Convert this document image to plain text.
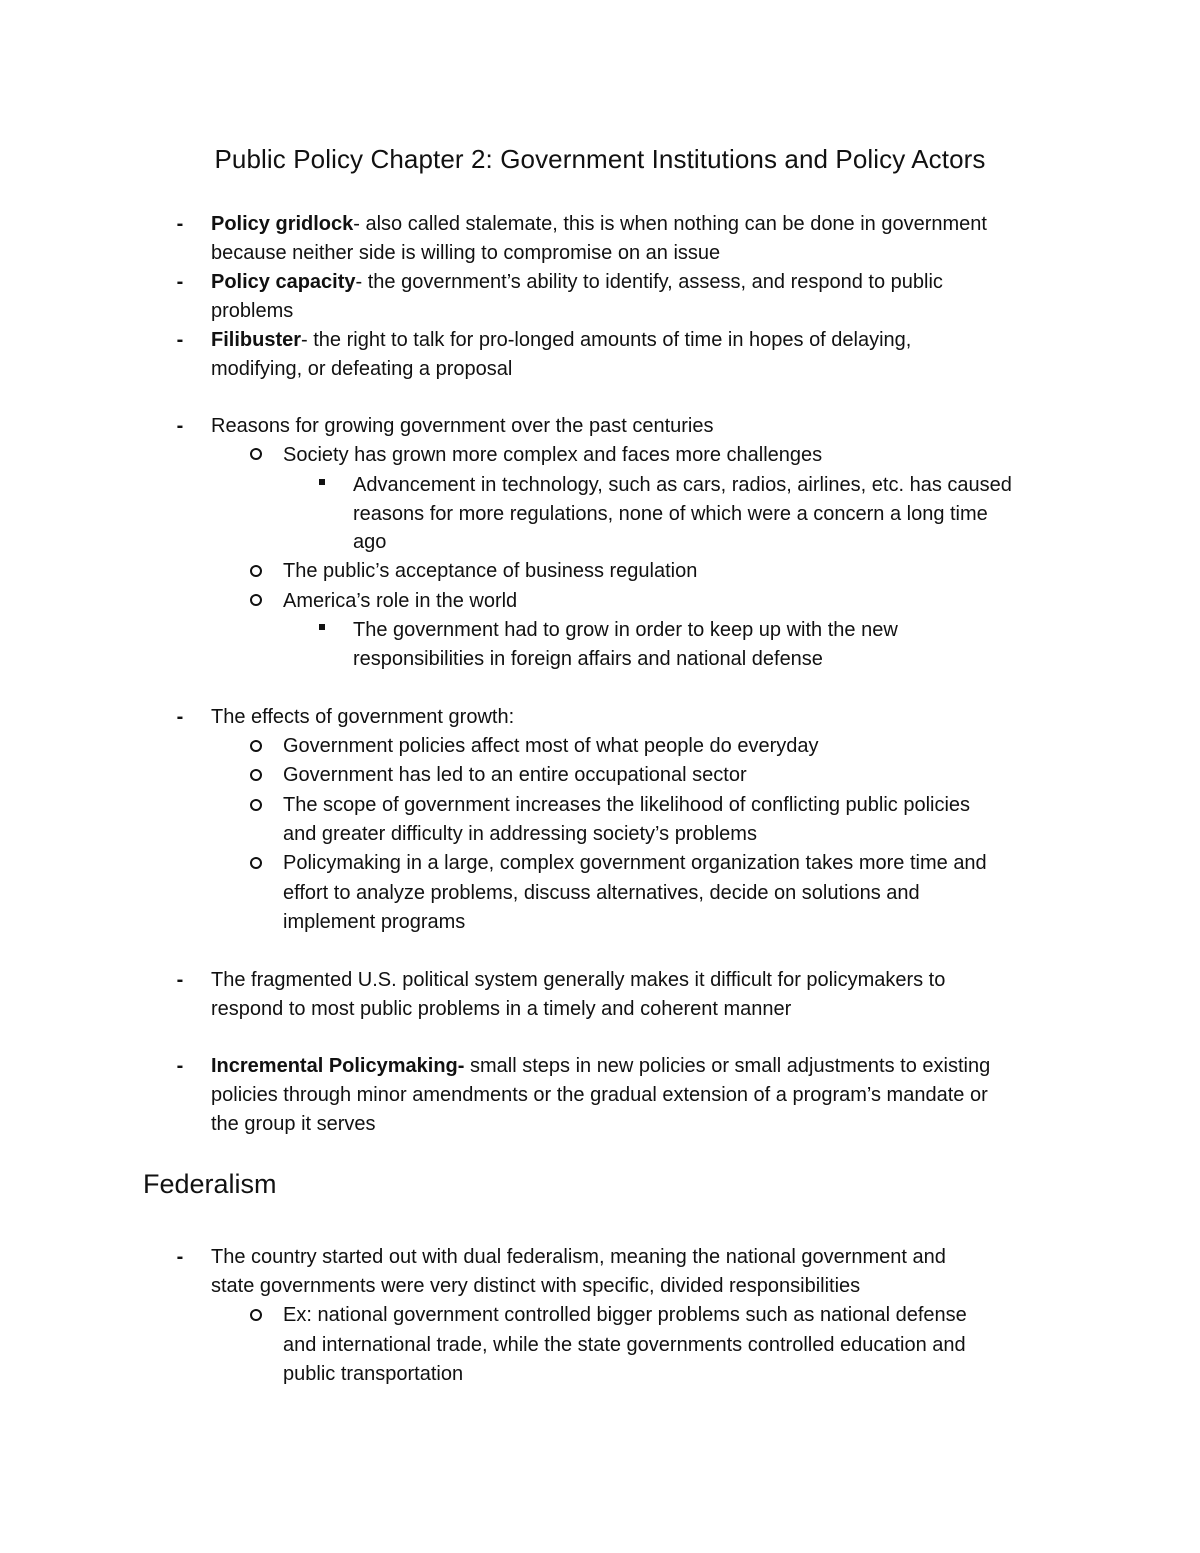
Public Policy Chapter 2: Government Institutions and Policy Actors
-	Policy gridlock- also called stalemate, this is when nothing can be done in government
because neither side is willing to compromise on an issue
-	Policy capacity- the government’s ability to identify, assess, and respond to public
problems
-	Filibuster- the right to talk for pro-longed amounts of time in hopes of delaying,
modifying, or defeating a proposal
-	Reasons for growing government over the past centuries
Society has grown more complex and faces more challenges
Advancement in technology, such as cars, radios, airlines, etc. has caused
reasons for more regulations, none of which were a concern a long time
ago
The public’s acceptance of business regulation
America’s role in the world
The government had to grow in order to keep up with the new
responsibilities in foreign affairs and national defense
-	The effects of government growth:
Government policies affect most of what people do everyday
Government has led to an entire occupational sector
The scope of government increases the likelihood of conflicting public policies
and greater difficulty in addressing society’s problems
Policymaking in a large, complex government organization takes more time and
effort to analyze problems, discuss alternatives, decide on solutions and
implement programs
-	The fragmented U.S. political system generally makes it difficult for policymakers to
respond to most public problems in a timely and coherent manner
-	Incremental Policymaking- small steps in new policies or small adjustments to existing
policies through minor amendments or the gradual extension of a program’s mandate or
the group it serves
Federalism
-	The country started out with dual federalism, meaning the national government and
state governments were very distinct with specific, divided responsibilities
Ex: national government controlled bigger problems such as national defense
and international trade, while the state governments controlled education and
public transportation
